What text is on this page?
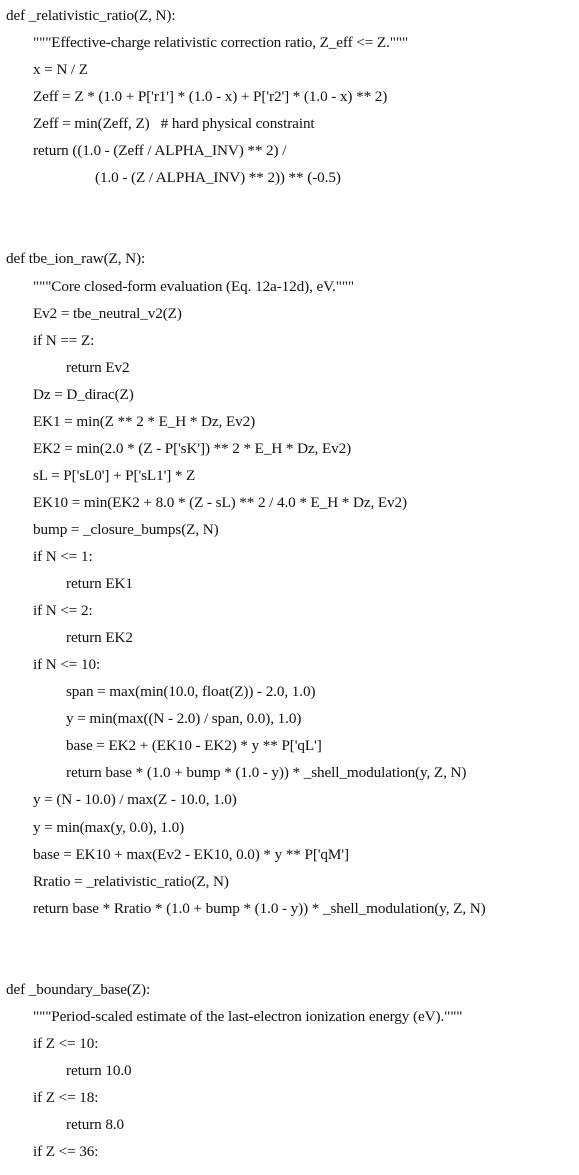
def _relativistic_ratio(Z, N):
"""Effective-charge relativistic correction ratio, Z_eff <= Z."""
x = N / Z
Zeff = Z * (1.0 + P['r1'] * (1.0 - x) + P['r2'] * (1.0 - x) ** 2)
Zeff = min(Zeff, Z)   # hard physical constraint
return ((1.0 - (Zeff / ALPHA_INV) ** 2) /
(1.0 - (Z / ALPHA_INV) ** 2)) ** (-0.5)
def tbe_ion_raw(Z, N):
"""Core closed-form evaluation (Eq. 12a-12d), eV."""
Ev2 = tbe_neutral_v2(Z)
if N == Z:
return Ev2
Dz = D_dirac(Z)
EK1 = min(Z ** 2 * E_H * Dz, Ev2)
EK2 = min(2.0 * (Z - P['sK']) ** 2 * E_H * Dz, Ev2)
sL = P['sL0'] + P['sL1'] * Z
EK10 = min(EK2 + 8.0 * (Z - sL) ** 2 / 4.0 * E_H * Dz, Ev2)
bump = _closure_bumps(Z, N)
if N <= 1:
return EK1
if N <= 2:
return EK2
if N <= 10:
span = max(min(10.0, float(Z)) - 2.0, 1.0)
y = min(max((N - 2.0) / span, 0.0), 1.0)
base = EK2 + (EK10 - EK2) * y ** P['qL']
return base * (1.0 + bump * (1.0 - y)) * _shell_modulation(y, Z, N)
y = (N - 10.0) / max(Z - 10.0, 1.0)
y = min(max(y, 0.0), 1.0)
base = EK10 + max(Ev2 - EK10, 0.0) * y ** P['qM']
Rratio = _relativistic_ratio(Z, N)
return base * Rratio * (1.0 + bump * (1.0 - y)) * _shell_modulation(y, Z, N)
def _boundary_base(Z):
"""Period-scaled estimate of the last-electron ionization energy (eV)."""
if Z <= 10:
return 10.0
if Z <= 18:
return 8.0
if Z <= 36:
